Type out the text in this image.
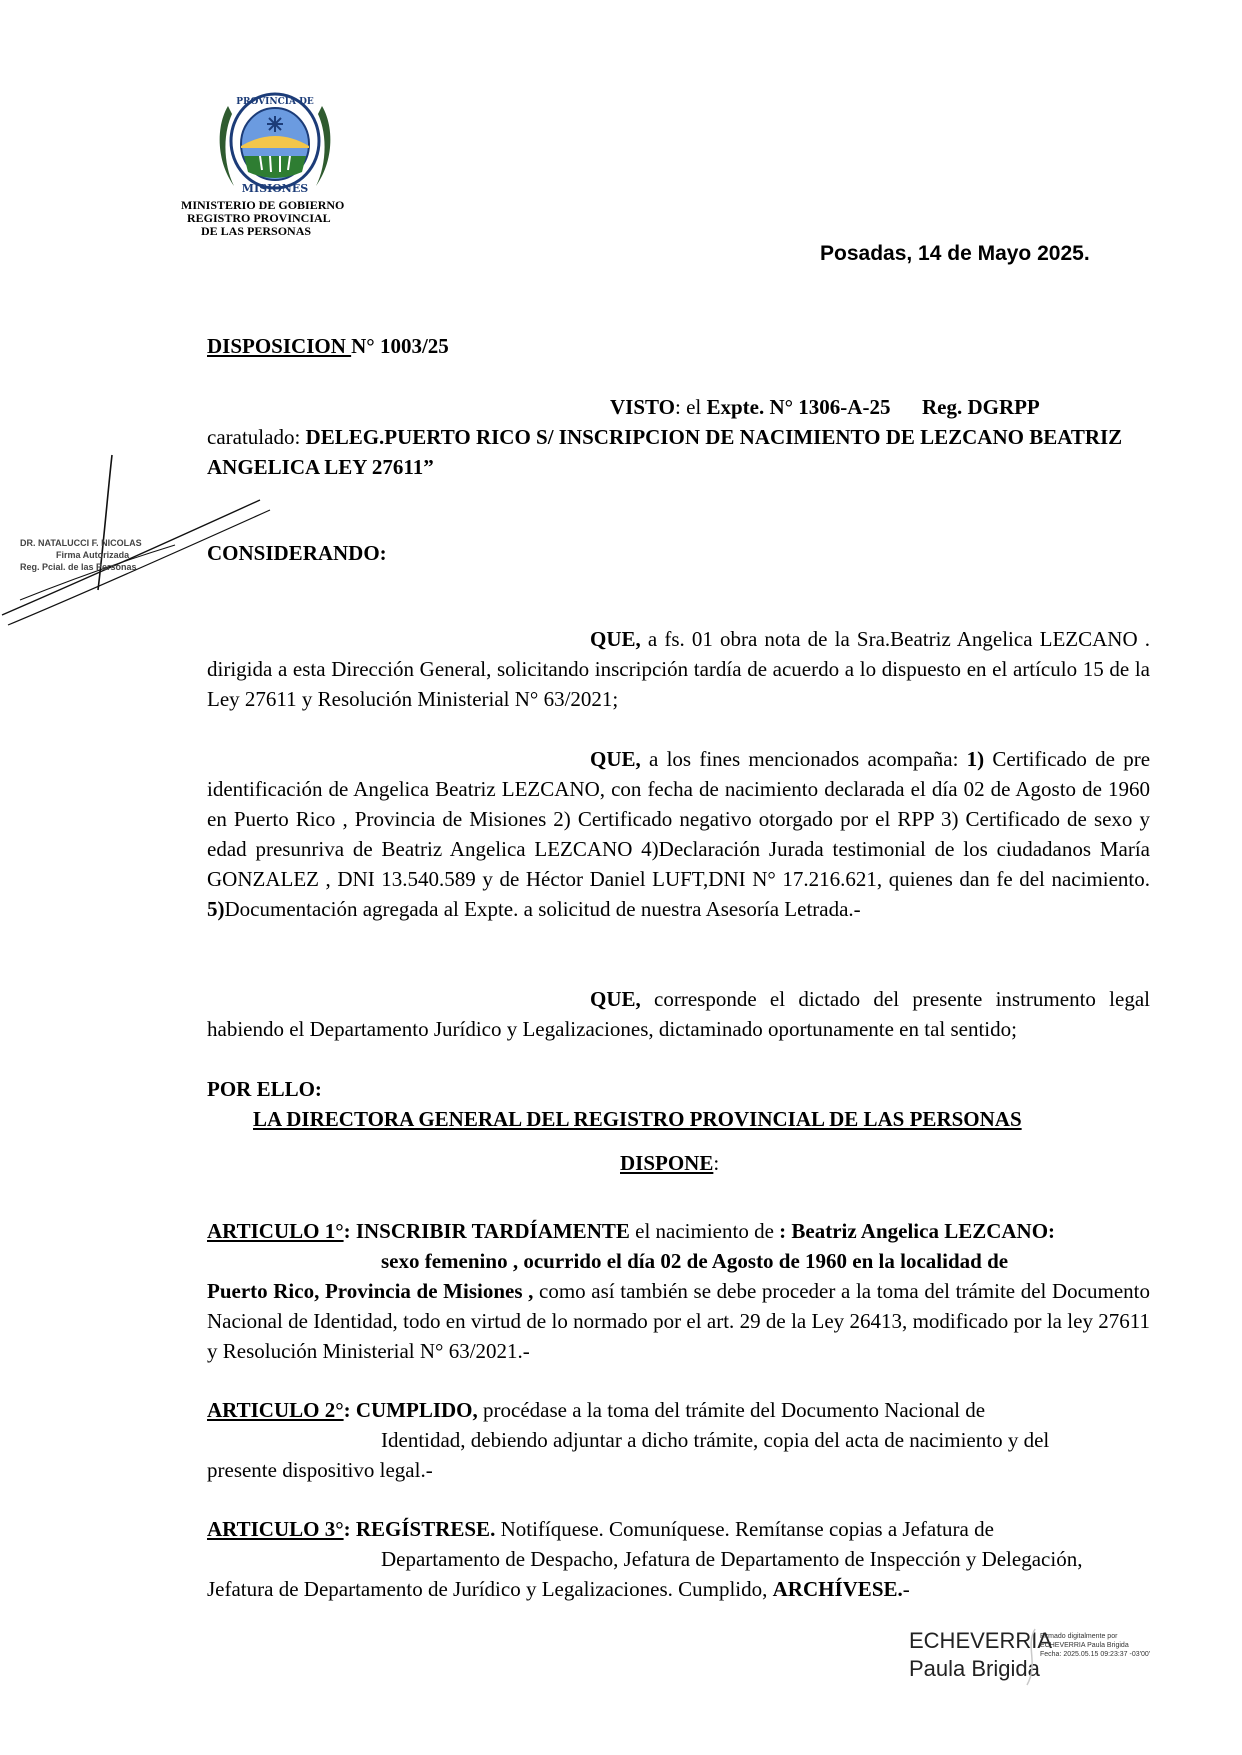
PROVINCIA DE
MISIONES
MINISTERIO DE GOBIERNO
REGISTRO PROVINCIAL
DE LAS PERSONAS
Posadas, 14 de Mayo 2025.
DR. NATALUCCI F. NICOLAS
Firma Autorizada
Reg. Pcial. de las Personas
DISPOSICION N° 1003/25
VISTO: el Expte. N° 1306-A-25 Reg. DGRPP
caratulado: DELEG.PUERTO RICO S/ INSCRIPCION DE NACIMIENTO DE LEZCANO BEATRIZ ANGELICA LEY 27611”
CONSIDERANDO:
QUE, a fs. 01 obra nota de la Sra.Beatriz Angelica LEZCANO . dirigida a esta Dirección General, solicitando inscripción tardía de acuerdo a lo dispuesto en el artículo 15 de la Ley 27611 y Resolución Ministerial N° 63/2021;
QUE, a los fines mencionados acompaña: 1) Certificado de pre identificación de Angelica Beatriz LEZCANO, con fecha de nacimiento declarada el día 02 de Agosto de 1960 en Puerto Rico , Provincia de Misiones 2) Certificado negativo otorgado por el RPP 3) Certificado de sexo y edad presunriva de Beatriz Angelica LEZCANO 4)Declaración Jurada testimonial de los ciudadanos María GONZALEZ , DNI 13.540.589 y de Héctor Daniel LUFT,DNI N° 17.216.621, quienes dan fe del nacimiento. 5)Documentación agregada al Expte. a solicitud de nuestra Asesoría Letrada.-
QUE, corresponde el dictado del presente instrumento legal habiendo el Departamento Jurídico y Legalizaciones, dictaminado oportunamente en tal sentido;
POR ELLO:
LA DIRECTORA GENERAL DEL REGISTRO PROVINCIAL DE LAS PERSONAS
DISPONE:
ARTICULO 1°: INSCRIBIR TARDÍAMENTE el nacimiento de : Beatriz Angelica LEZCANO:
sexo femenino , ocurrido el día 02 de Agosto de 1960 en la localidad de
Puerto Rico, Provincia de Misiones , como así también se debe proceder a la toma del trámite del Documento Nacional de Identidad, todo en virtud de lo normado por el art. 29 de la Ley 26413, modificado por la ley 27611 y Resolución Ministerial N° 63/2021.-
ARTICULO 2°: CUMPLIDO, procédase a la toma del trámite del Documento Nacional de
Identidad, debiendo adjuntar a dicho trámite, copia del acta de nacimiento y del
presente dispositivo legal.-
ARTICULO 3°: REGÍSTRESE. Notifíquese. Comuníquese. Remítanse copias a Jefatura de
Departamento de Despacho, Jefatura de Departamento de Inspección y Delegación,
Jefatura de Departamento de Jurídico y Legalizaciones. Cumplido, ARCHÍVESE.-
ECHEVERRIA
Paula Brigida
Firmado digitalmente por
ECHEVERRIA Paula Brigida
Fecha: 2025.05.15 09:23:37 -03'00'
